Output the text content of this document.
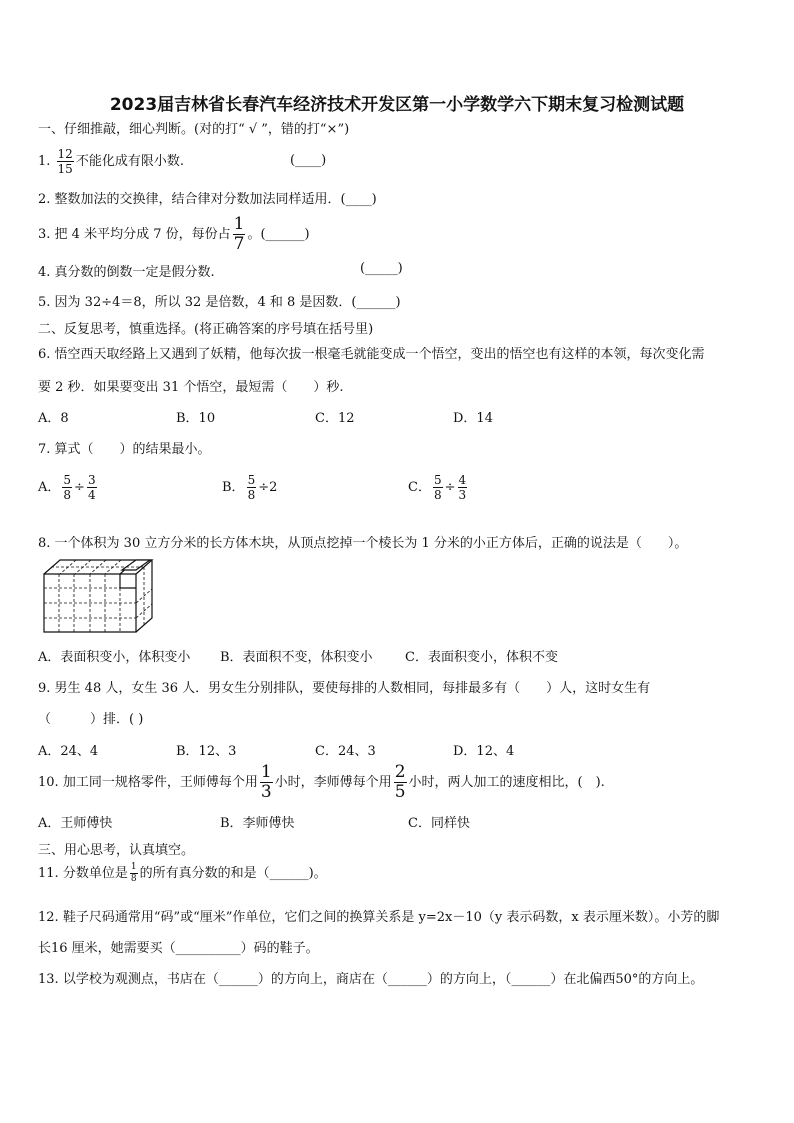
2023届吉林省长春汽车经济技术开发区第一小学数学六下期末复习检测试题
一、仔细推敲，细心判断。(对的打“ √ ”，错的打“×”)
1. $\frac{12}{15}$ 不能化成有限小数.	(____)
2. 整数加法的交换律，结合律对分数加法同样适用．(____)
3. 把 4 米平均分成 7 份，每份占 $\frac{1}{7}$ 。(______)
4. 真分数的倒数一定是假分数.	(_____)
5. 因为 32÷4＝8，所以 32 是倍数，4 和 8 是因数．(______)
二、反复思考，慎重选择。(将正确答案的序号填在括号里)
6. 悟空西天取经路上又遇到了妖精，他每次拔一根毫毛就能变成一个悟空，变出的悟空也有这样的本领，每次变化需
要 2 秒．如果要变出 31 个悟空，最短需（　　）秒.
A．8	B．10	C．12	D．14
7. 算式（　　）的结果最小。
A． $\frac{5}{8} \div \frac{3}{4}$	B． $\frac{5}{8} \div 2$	C． $\frac{5}{8} \div \frac{4}{3}$
8. 一个体积为 30 立方分米的长方体木块，从顶点挖掉一个棱长为 1 分米的小正方体后，正确的说法是（　　）。
A．表面积变小，体积变小 B．表面积不变，体积变小 C．表面积变小，体积不变
9. 男生 48 人，女生 36 人．男女生分别排队，要使每排的人数相同，每排最多有（　　）人，这时女生有
（　　　）排．( )
A．24、4	B．12、3	C．24、3	D．12、4
10. 加工同一规格零件，王师傅每个用 $\frac{1}{3}$ 小时，李师傅每个用 $\frac{2}{5}$ 小时，两人加工的速度相比，(　).
A．王师傅快	B．李师傅快	C．同样快
三、用心思考，认真填空。
11. 分数单位是 $\frac{1}{8}$ 的所有真分数的和是（______)。
12. 鞋子尺码通常用“码”或“厘米”作单位，它们之间的换算关系是 y=2x－10（y 表示码数，x 表示厘米数）。小芳的脚
长16 厘米，她需要买（__________）码的鞋子。
13. 以学校为观测点，书店在（______）的方向上，商店在（______）的方向上，（______）在北偏西50°的方向上。
